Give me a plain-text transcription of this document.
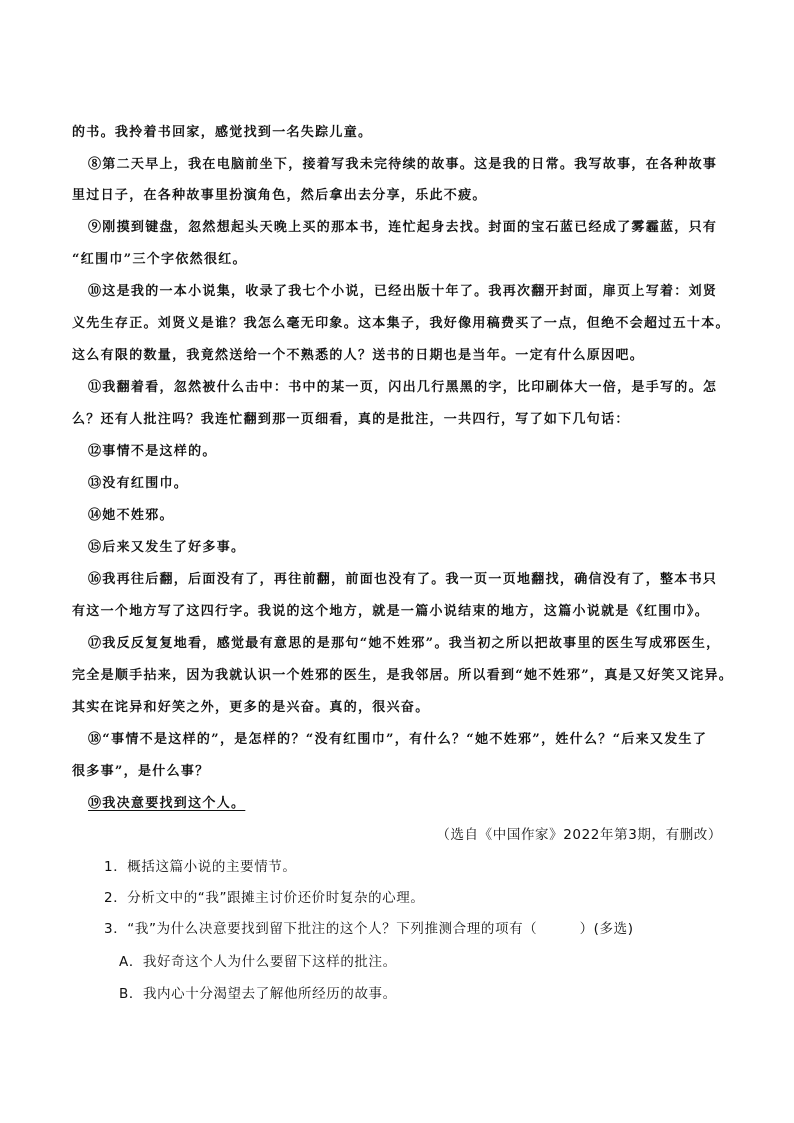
的书。我拎着书回家，感觉找到一名失踪儿童。
⑧第二天早上，我在电脑前坐下，接着写我未完待续的故事。这是我的日常。我写故事，在各种故事
里过日子，在各种故事里扮演角色，然后拿出去分享，乐此不疲。
⑨刚摸到键盘，忽然想起头天晚上买的那本书，连忙起身去找。封面的宝石蓝已经成了雾霾蓝，只有
“红围巾”三个字依然很红。
⑩这是我的一本小说集，收录了我七个小说，已经出版十年了。我再次翻开封面，扉页上写着：刘贤
义先生存正。刘贤义是谁？我怎么毫无印象。这本集子，我好像用稿费买了一点，但绝不会超过五十本。
这么有限的数量，我竟然送给一个不熟悉的人？送书的日期也是当年。一定有什么原因吧。
⑪我翻着看，忽然被什么击中：书中的某一页，闪出几行黑黑的字，比印刷体大一倍，是手写的。怎
么？还有人批注吗？我连忙翻到那一页细看，真的是批注，一共四行，写了如下几句话：
⑫事情不是这样的。
⑬没有红围巾。
⑭她不姓邪。
⑮后来又发生了好多事。
⑯我再往后翻，后面没有了，再往前翻，前面也没有了。我一页一页地翻找，确信没有了，整本书只
有这一个地方写了这四行字。我说的这个地方，就是一篇小说结束的地方，这篇小说就是《红围巾》。
⑰我反反复复地看，感觉最有意思的是那句“她不姓邪”。我当初之所以把故事里的医生写成邪医生，
完全是顺手拈来，因为我就认识一个姓邪的医生，是我邻居。所以看到“她不姓邪”，真是又好笑又诧异。
其实在诧异和好笑之外，更多的是兴奋。真的，很兴奋。
⑱“事情不是这样的”，是怎样的？“没有红围巾”，有什么？“她不姓邪”，姓什么？“后来又发生了
很多事”，是什么事？
⑲我决意要找到这个人。
（选自《中国作家》2022年第3期，有删改）
1．概括这篇小说的主要情节。
2．分析文中的“我”跟摊主讨价还价时复杂的心理。
3．“我”为什么决意要找到留下批注的这个人？下列推测合理的项有（　　　）(多选)
A．我好奇这个人为什么要留下这样的批注。
B．我内心十分渴望去了解他所经历的故事。
